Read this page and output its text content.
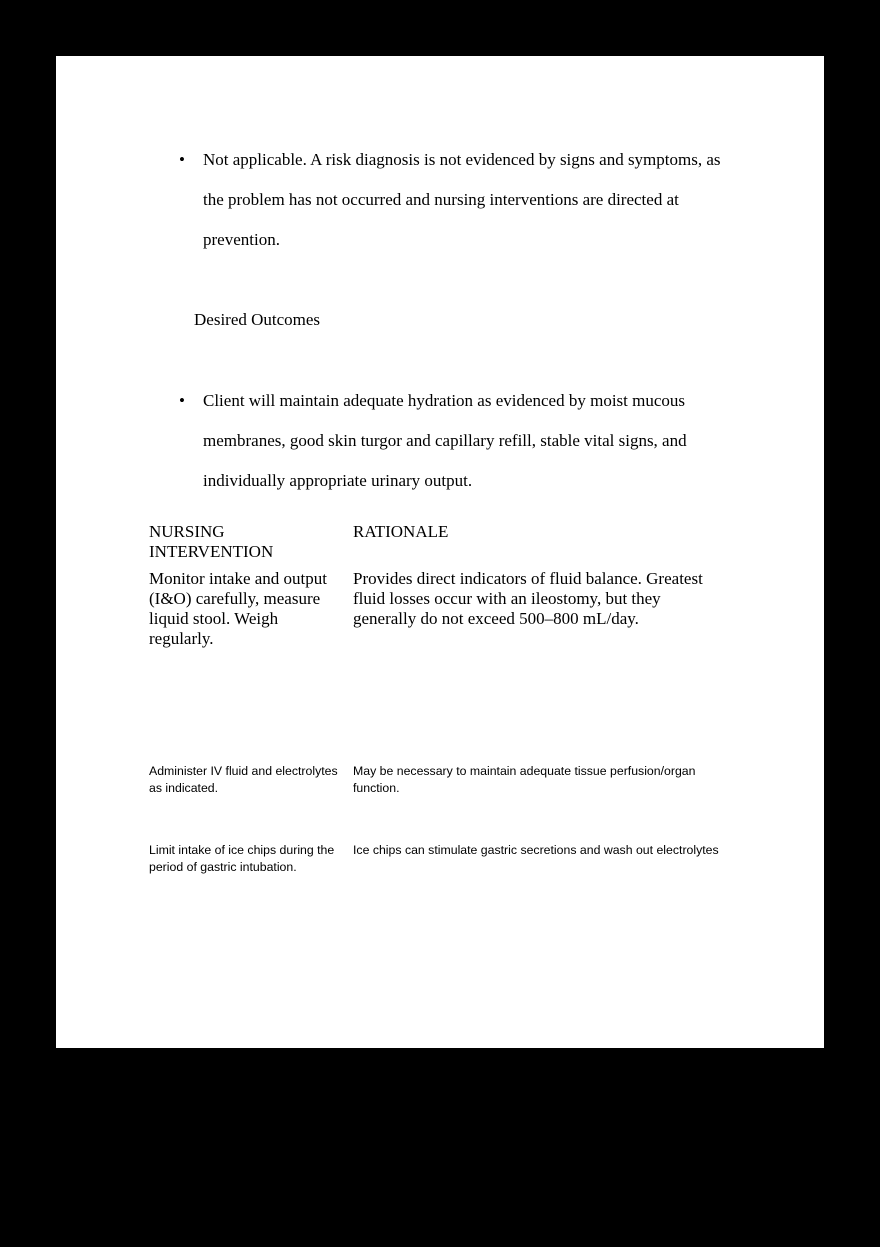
• Not applicable. A risk diagnosis is not evidenced by signs and symptoms, as the problem has not occurred and nursing interventions are directed at prevention.
Desired Outcomes
• Client will maintain adequate hydration as evidenced by moist mucous membranes, good skin turgor and capillary refill, stable vital signs, and individually appropriate urinary output.
NURSING INTERVENTION
RATIONALE
Monitor intake and output (I&O) carefully, measure liquid stool. Weigh regularly.
Provides direct indicators of fluid balance. Greatest fluid losses occur with an ileostomy, but they generally do not exceed 500–800 mL/day.
Administer IV fluid and electrolytes as indicated.
May be necessary to maintain adequate tissue perfusion/organ function.
Limit intake of ice chips during the period of gastric intubation.
Ice chips can stimulate gastric secretions and wash out electrolytes
